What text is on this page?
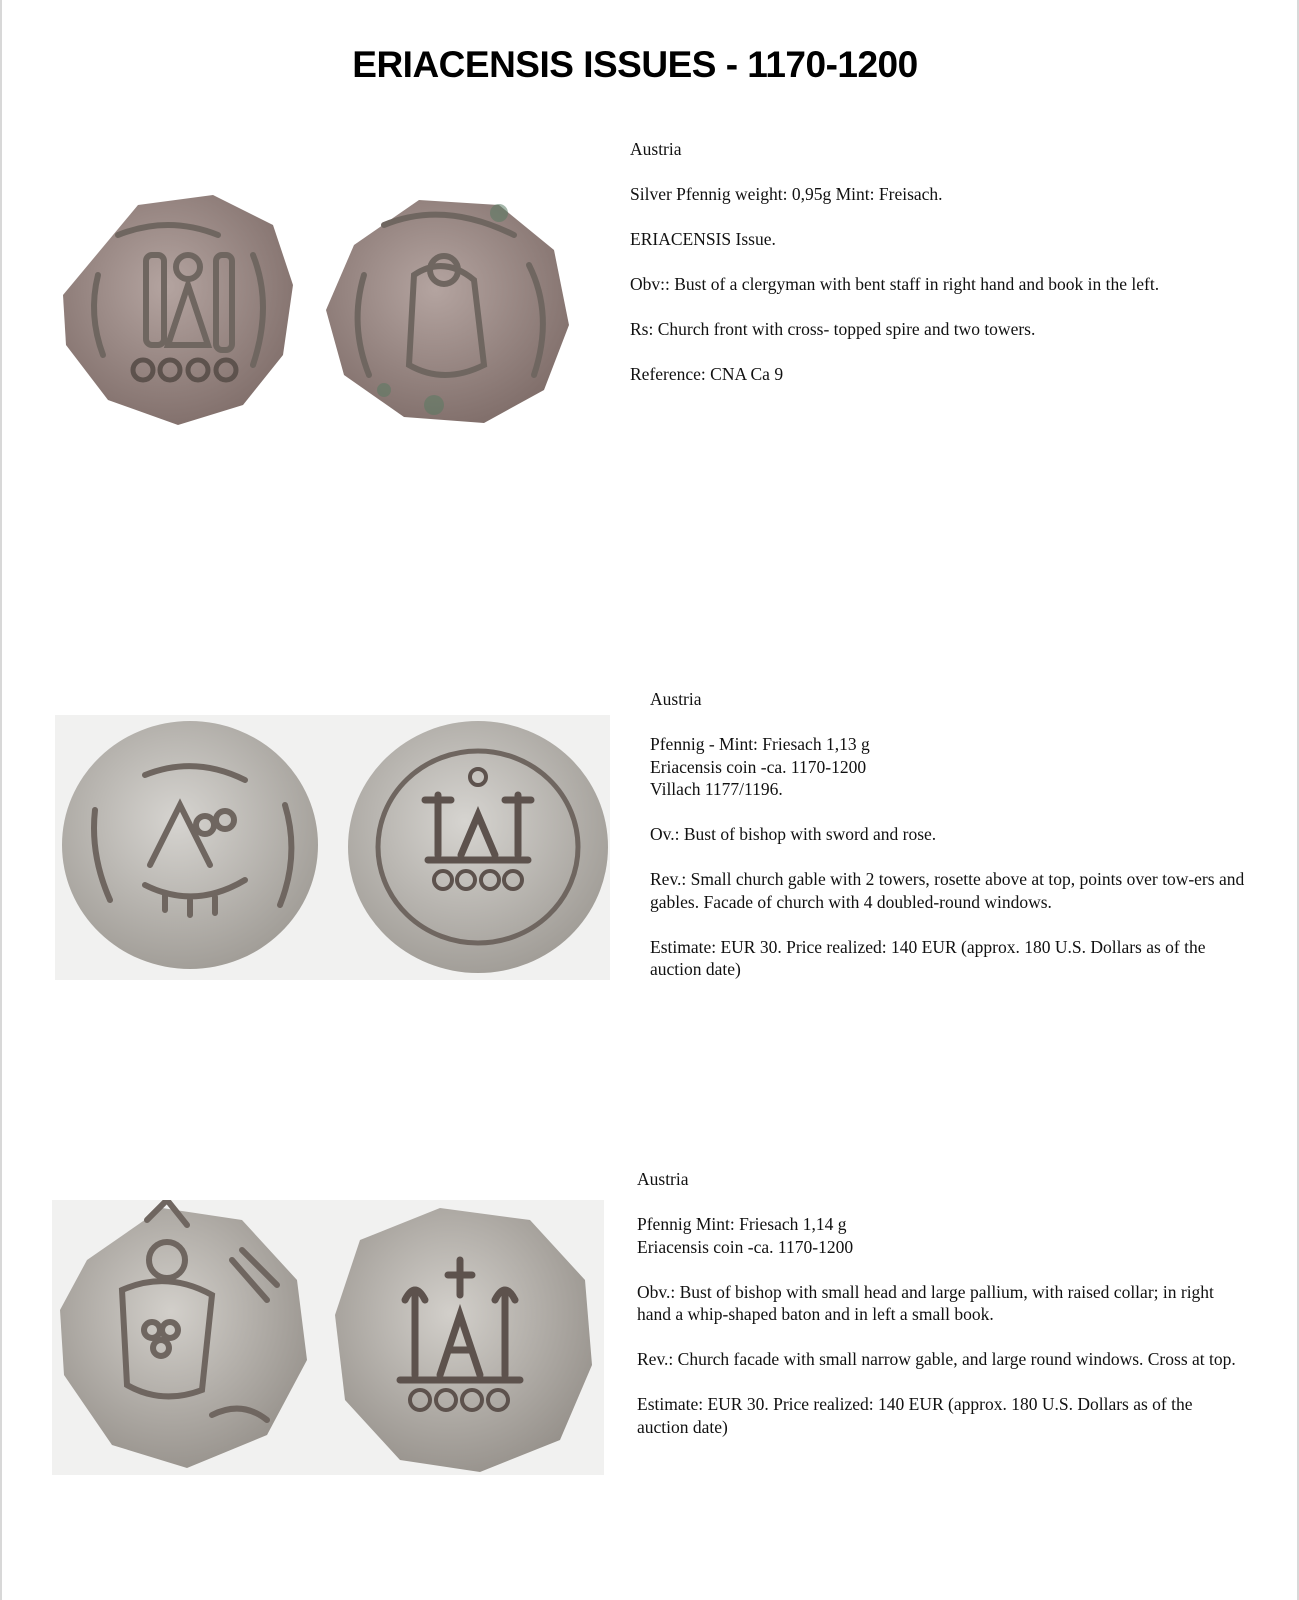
ERIACENSIS ISSUES - 1170-1200

Austria

Silver Pfennig weight: 0,95g Mint: Freisach.

ERIACENSIS Issue.

Obv:: Bust of a clergyman with bent staff in right hand and book in the left.

Rs: Church front with cross- topped spire and two towers.

Reference: CNA Ca 9

Austria

Pfennig - Mint: Friesach 1,13 g
Eriacensis coin -ca. 1170-1200
Villach 1177/1196.

Ov.: Bust of bishop with sword and rose.

Rev.: Small church gable with 2 towers, rosette above at top, points over tow-ers and gables. Facade of church with 4 doubled-round windows.

Estimate: EUR 30. Price realized: 140 EUR (approx. 180 U.S. Dollars as of the auction date)

Austria

Pfennig Mint: Friesach 1,14 g
Eriacensis coin -ca. 1170-1200

Obv.: Bust of bishop with small head and large pallium, with raised collar; in right hand a whip-shaped baton and in left a small book.

Rev.: Church facade with small narrow gable, and large round windows. Cross at top.

Estimate: EUR 30. Price realized: 140 EUR (approx. 180 U.S. Dollars as of the auction date)
